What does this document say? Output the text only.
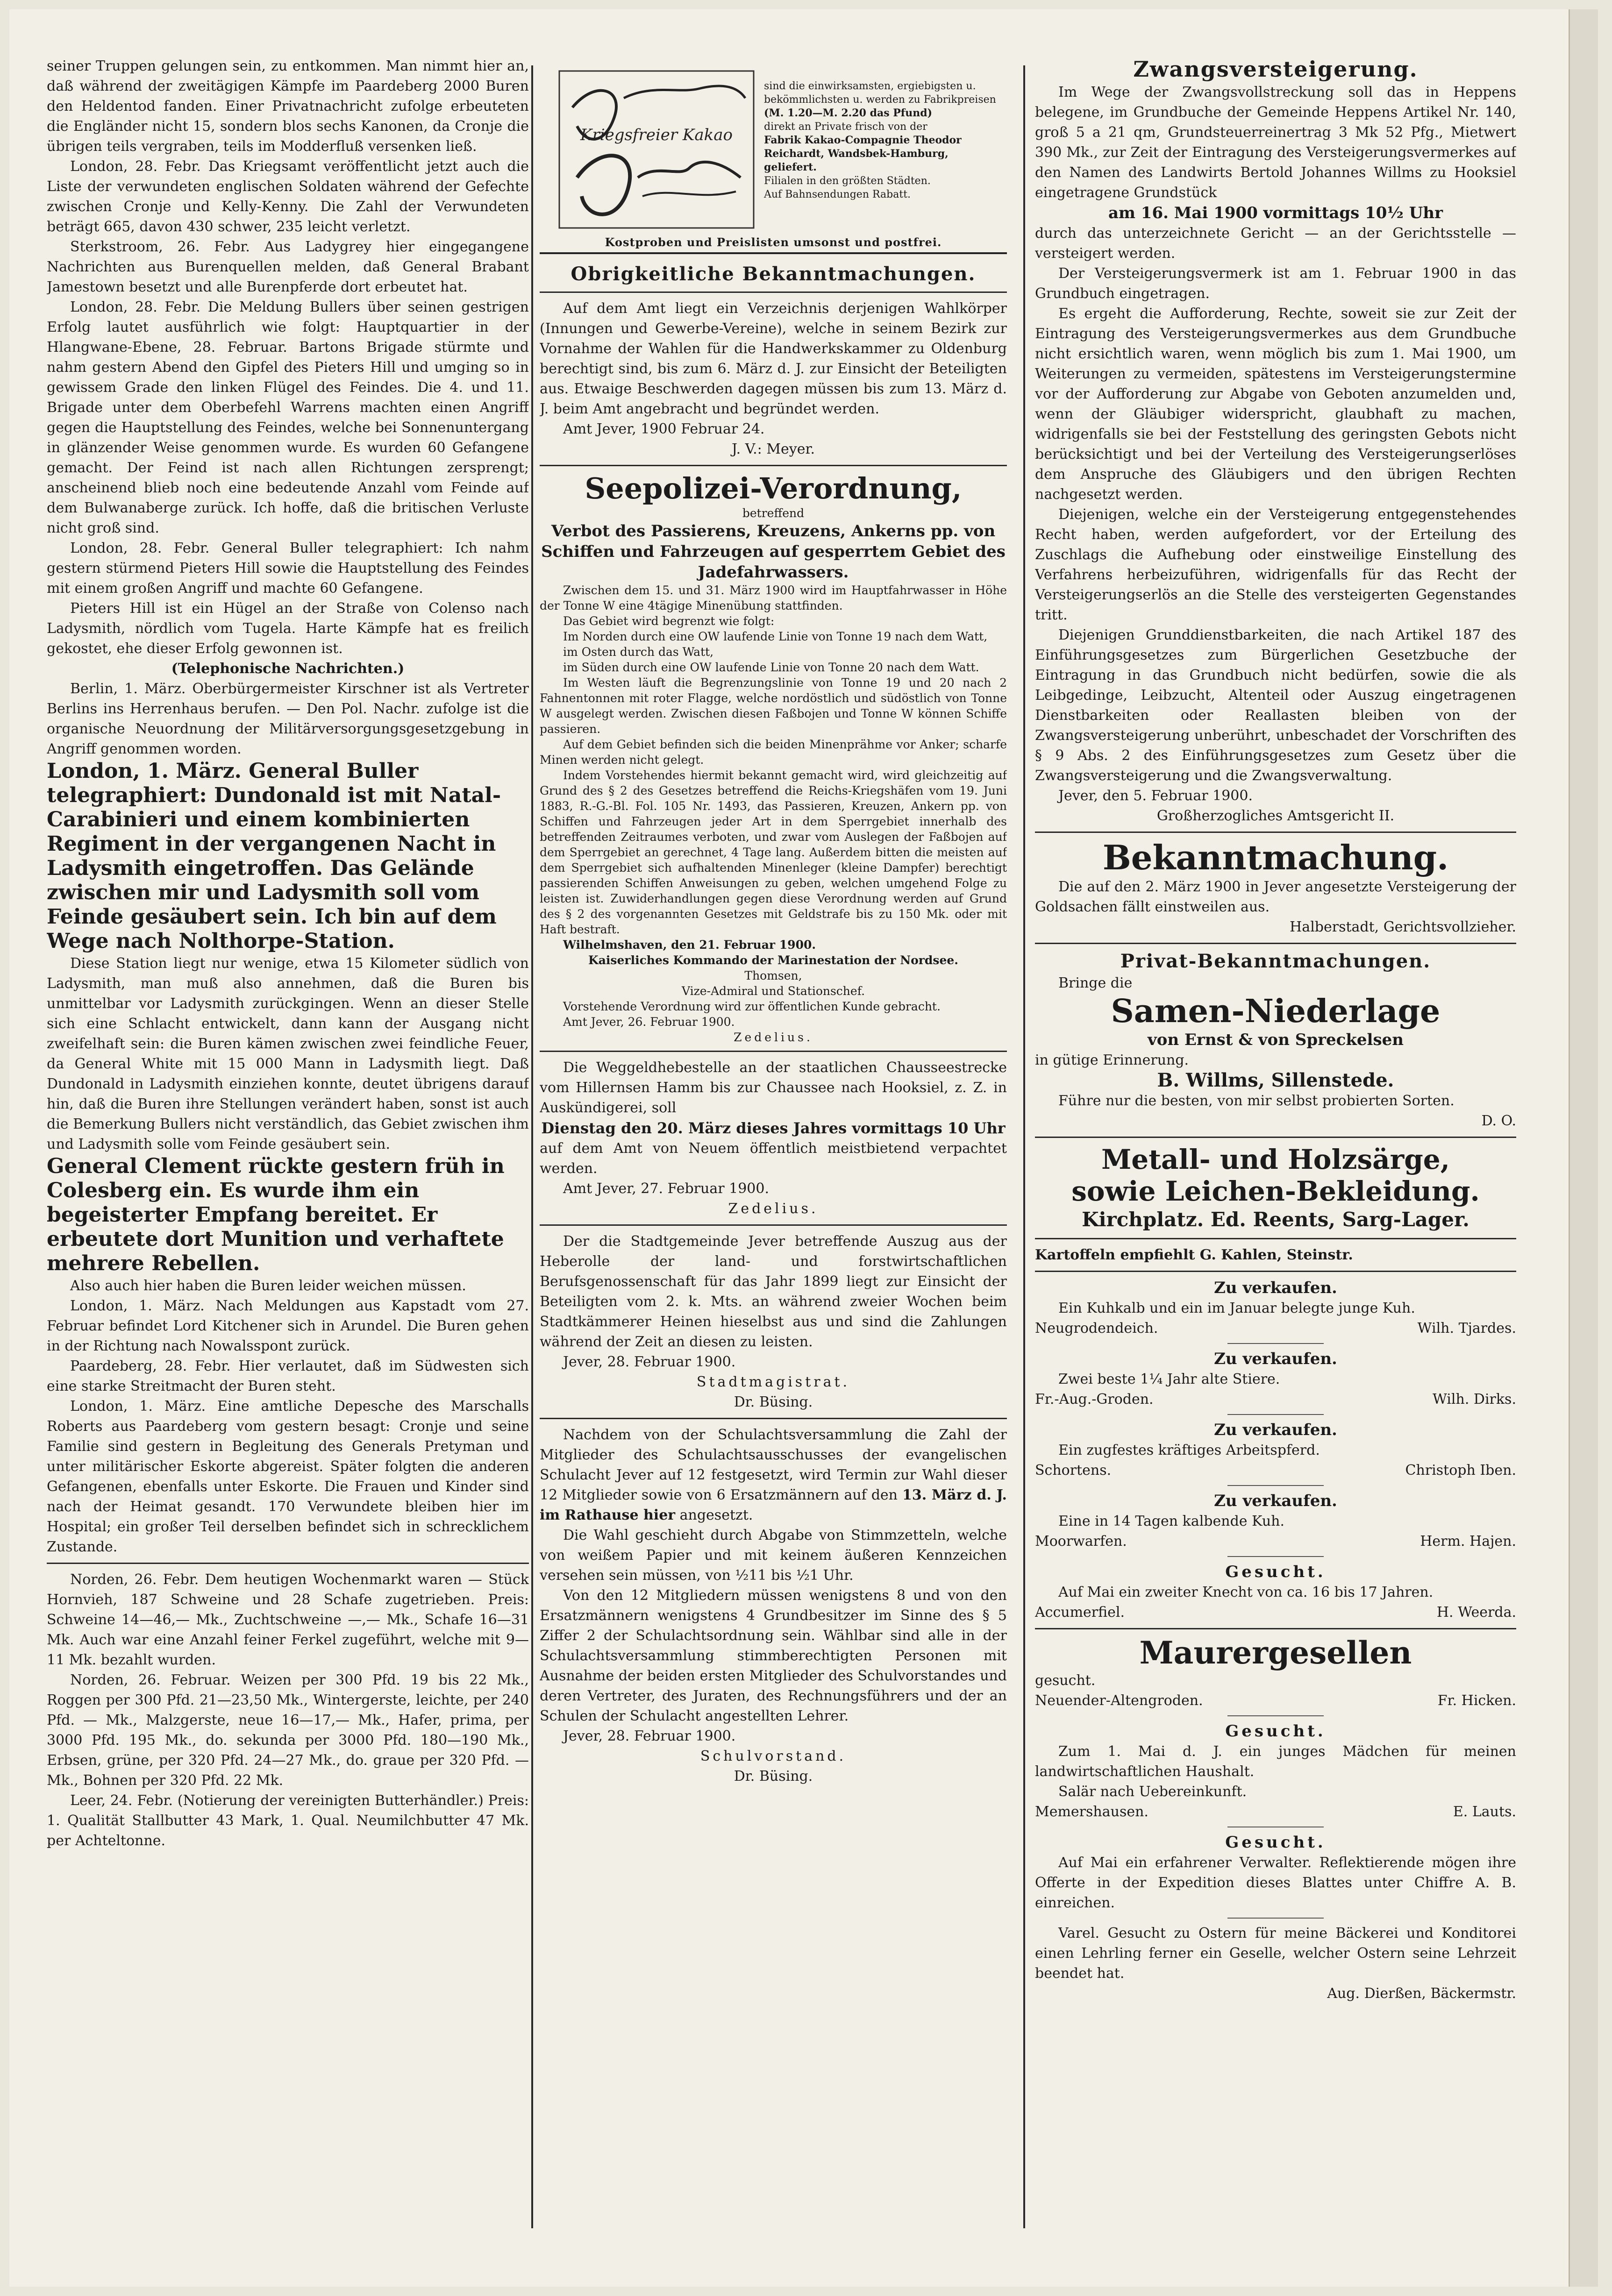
seiner Truppen gelungen sein, zu entkommen. Man nimmt hier an, daß während der zweitägigen Kämpfe im Paardeberg 2000 Buren den Heldentod fanden. Einer Privatnachricht zufolge erbeuteten die Engländer nicht 15, sondern blos sechs Kanonen, da Cronje die übrigen teils vergraben, teils im Modderfluß versenken ließ.

London, 28. Febr. Das Kriegsamt veröffentlicht jetzt auch die Liste der verwundeten englischen Soldaten während der Gefechte zwischen Cronje und Kelly-Kenny. Die Zahl der Verwundeten beträgt 665, davon 430 schwer, 235 leicht verletzt.

Sterkstroom, 26. Febr. Aus Ladygrey hier eingegangene Nachrichten aus Burenquellen melden, daß General Brabant Jamestown besetzt und alle Burenpferde dort erbeutet hat.

London, 28. Febr. Die Meldung Bullers über seinen gestrigen Erfolg lautet ausführlich wie folgt: Hauptquartier in der Hlangwane-Ebene, 28. Februar. Bartons Brigade stürmte und nahm gestern Abend den Gipfel des Pieters Hill und umging so in gewissem Grade den linken Flügel des Feindes. Die 4. und 11. Brigade unter dem Oberbefehl Warrens machten einen Angriff gegen die Hauptstellung des Feindes, welche bei Sonnenuntergang in glänzender Weise genommen wurde. Es wurden 60 Gefangene gemacht. Der Feind ist nach allen Richtungen zersprengt; anscheinend blieb noch eine bedeutende Anzahl vom Feinde auf dem Bulwanaberge zurück. Ich hoffe, daß die britischen Verluste nicht groß sind.

London, 28. Febr. General Buller telegraphiert: Ich nahm gestern stürmend Pieters Hill sowie die Hauptstellung des Feindes mit einem großen Angriff und machte 60 Gefangene.

Pieters Hill ist ein Hügel an der Straße von Colenso nach Ladysmith, nördlich vom Tugela. Harte Kämpfe hat es freilich gekostet, ehe dieser Erfolg gewonnen ist.

(Telephonische Nachrichten.)

Berlin, 1. März. Oberbürgermeister Kirschner ist als Vertreter Berlins ins Herrenhaus berufen. — Den Pol. Nachr. zufolge ist die organische Neuordnung der Militärversorgungsgesetzgebung in Angriff genommen worden.

London, 1. März. General Buller telegraphiert: Dundonald ist mit Natal-Carabinieri und einem kombinierten Regiment in der vergangenen Nacht in Ladysmith eingetroffen. Das Gelände zwischen mir und Ladysmith soll vom Feinde gesäubert sein. Ich bin auf dem Wege nach Nolthorpe-Station.

Diese Station liegt nur wenige, etwa 15 Kilometer südlich von Ladysmith, man muß also annehmen, daß die Buren bis unmittelbar vor Ladysmith zurückgingen. Wenn an dieser Stelle sich eine Schlacht entwickelt, dann kann der Ausgang nicht zweifelhaft sein: die Buren kämen zwischen zwei feindliche Feuer, da General White mit 15 000 Mann in Ladysmith liegt. Daß Dundonald in Ladysmith einziehen konnte, deutet übrigens darauf hin, daß die Buren ihre Stellungen verändert haben, sonst ist auch die Bemerkung Bullers nicht verständlich, das Gebiet zwischen ihm und Ladysmith solle vom Feinde gesäubert sein.

General Clement rückte gestern früh in Colesberg ein. Es wurde ihm ein begeisterter Empfang bereitet. Er erbeutete dort Munition und verhaftete mehrere Rebellen.

Also auch hier haben die Buren leider weichen müssen.

London, 1. März. Nach Meldungen aus Kapstadt vom 27. Februar befindet Lord Kitchener sich in Arundel. Die Buren gehen in der Richtung nach Nowalsspont zurück.

Paardeberg, 28. Febr. Hier verlautet, daß im Südwesten sich eine starke Streitmacht der Buren steht.

London, 1. März. Eine amtliche Depesche des Marschalls Roberts aus Paardeberg vom gestern besagt: Cronje und seine Familie sind gestern in Begleitung des Generals Pretyman und unter militärischer Eskorte abgereist. Später folgten die anderen Gefangenen, ebenfalls unter Eskorte. Die Frauen und Kinder sind nach der Heimat gesandt. 170 Verwundete bleiben hier im Hospital; ein großer Teil derselben befindet sich in schrecklichem Zustande.

Norden, 26. Febr. Dem heutigen Wochenmarkt waren — Stück Hornvieh, 187 Schweine und 28 Schafe zugetrieben. Preis: Schweine 14—46,— Mk., Zuchtschweine —,— Mk., Schafe 16—31 Mk. Auch war eine Anzahl feiner Ferkel zugeführt, welche mit 9—11 Mk. bezahlt wurden.

Norden, 26. Februar. Weizen per 300 Pfd. 19 bis 22 Mk., Roggen per 300 Pfd. 21—23,50 Mk., Wintergerste, leichte, per 240 Pfd. — Mk., Malzgerste, neue 16—17,— Mk., Hafer, prima, per 3000 Pfd. 195 Mk., do. sekunda per 3000 Pfd. 180—190 Mk., Erbsen, grüne, per 320 Pfd. 24—27 Mk., do. graue per 320 Pfd. — Mk., Bohnen per 320 Pfd. 22 Mk.

Leer, 24. Febr. (Notierung der vereinigten Butterhändler.) Preis: 1. Qualität Stallbutter 43 Mark, 1. Qual. Neumilchbutter 47 Mk. per Achteltonne.

Kriegsfreier Kakao

sind die einwirksamsten, ergiebigsten u. bekömmlichsten u. werden zu Fabrikpreisen

(M. 1.20—M. 2.20 das Pfund)

direkt an Private frisch von der

Fabrik Kakao-Compagnie Theodor Reichardt, Wandsbek-Hamburg, geliefert.

Filialen in den größten Städten.

Auf Bahnsendungen Rabatt.

Kostproben und Preislisten umsonst und postfrei.

Obrigkeitliche Bekanntmachungen.

Auf dem Amt liegt ein Verzeichnis derjenigen Wahlkörper (Innungen und Gewerbe-Vereine), welche in seinem Bezirk zur Vornahme der Wahlen für die Handwerkskammer zu Oldenburg berechtigt sind, bis zum 6. März d. J. zur Einsicht der Beteiligten aus. Etwaige Beschwerden dagegen müssen bis zum 13. März d. J. beim Amt angebracht und begründet werden.

Amt Jever, 1900 Februar 24.

J. V.: Meyer.

Seepolizei-Verordnung,

betreffend

Verbot des Passierens, Kreuzens, Ankerns pp. von Schiffen und Fahrzeugen auf gesperrtem Gebiet des Jadefahrwassers.

Zwischen dem 15. und 31. März 1900 wird im Hauptfahrwasser in Höhe der Tonne W eine 4tägige Minenübung stattfinden.

Das Gebiet wird begrenzt wie folgt:

Im Norden durch eine OW laufende Linie von Tonne 19 nach dem Watt,

im Osten durch das Watt,

im Süden durch eine OW laufende Linie von Tonne 20 nach dem Watt.

Im Westen läuft die Begrenzungslinie von Tonne 19 und 20 nach 2 Fahnentonnen mit roter Flagge, welche nordöstlich und südöstlich von Tonne W ausgelegt werden. Zwischen diesen Faßbojen und Tonne W können Schiffe passieren.

Auf dem Gebiet befinden sich die beiden Minenprähme vor Anker; scharfe Minen werden nicht gelegt.

Indem Vorstehendes hiermit bekannt gemacht wird, wird gleichzeitig auf Grund des § 2 des Gesetzes betreffend die Reichs-Kriegshäfen vom 19. Juni 1883, R.-G.-Bl. Fol. 105 Nr. 1493, das Passieren, Kreuzen, Ankern pp. von Schiffen und Fahrzeugen jeder Art in dem Sperrgebiet innerhalb des betreffenden Zeitraumes verboten, und zwar vom Auslegen der Faßbojen auf dem Sperrgebiet an gerechnet, 4 Tage lang. Außerdem bitten die meisten auf dem Sperrgebiet sich aufhaltenden Minenleger (kleine Dampfer) berechtigt passierenden Schiffen Anweisungen zu geben, welchen umgehend Folge zu leisten ist. Zuwiderhandlungen gegen diese Verordnung werden auf Grund des § 2 des vorgenannten Gesetzes mit Geldstrafe bis zu 150 Mk. oder mit Haft bestraft.

Wilhelmshaven, den 21. Februar 1900.

Kaiserliches Kommando der Marinestation der Nordsee.

Thomsen,

Vize-Admiral und Stationschef.

Vorstehende Verordnung wird zur öffentlichen Kunde gebracht.

Amt Jever, 26. Februar 1900.

Zedelius.

Die Weggeldhebestelle an der staatlichen Chausseestrecke vom Hillernsen Hamm bis zur Chaussee nach Hooksiel, z. Z. in Auskündigerei, soll

Dienstag den 20. März dieses Jahres vormittags 10 Uhr

auf dem Amt von Neuem öffentlich meistbietend verpachtet werden.

Amt Jever, 27. Februar 1900.

Zedelius.

Der die Stadtgemeinde Jever betreffende Auszug aus der Heberolle der land- und forstwirtschaftlichen Berufsgenossenschaft für das Jahr 1899 liegt zur Einsicht der Beteiligten vom 2. k. Mts. an während zweier Wochen beim Stadtkämmerer Heinen hieselbst aus und sind die Zahlungen während der Zeit an diesen zu leisten.

Jever, 28. Februar 1900.

Stadtmagistrat.

Dr. Büsing.

Nachdem von der Schulachtsversammlung die Zahl der Mitglieder des Schulachtsausschusses der evangelischen Schulacht Jever auf 12 festgesetzt, wird Termin zur Wahl dieser 12 Mitglieder sowie von 6 Ersatzmännern auf den 13. März d. J. im Rathause hier angesetzt.

Die Wahl geschieht durch Abgabe von Stimmzetteln, welche von weißem Papier und mit keinem äußeren Kennzeichen versehen sein müssen, von ½11 bis ½1 Uhr.

Von den 12 Mitgliedern müssen wenigstens 8 und von den Ersatzmännern wenigstens 4 Grundbesitzer im Sinne des § 5 Ziffer 2 der Schulachtsordnung sein. Wählbar sind alle in der Schulachtsversammlung stimmberechtigten Personen mit Ausnahme der beiden ersten Mitglieder des Schulvorstandes und deren Vertreter, des Juraten, des Rechnungsführers und der an Schulen der Schulacht angestellten Lehrer.

Jever, 28. Februar 1900.

Schulvorstand.

Dr. Büsing.

Zwangsversteigerung.

Im Wege der Zwangsvollstreckung soll das in Heppens belegene, im Grundbuche der Gemeinde Heppens Artikel Nr. 140, groß 5 a 21 qm, Grundsteuerreinertrag 3 Mk 52 Pfg., Mietwert 390 Mk., zur Zeit der Eintragung des Versteigerungsvermerkes auf den Namen des Landwirts Bertold Johannes Willms zu Hooksiel eingetragene Grundstück

am 16. Mai 1900 vormittags 10½ Uhr

durch das unterzeichnete Gericht — an der Gerichtsstelle — versteigert werden.

Der Versteigerungsvermerk ist am 1. Februar 1900 in das Grundbuch eingetragen.

Es ergeht die Aufforderung, Rechte, soweit sie zur Zeit der Eintragung des Versteigerungsvermerkes aus dem Grundbuche nicht ersichtlich waren, wenn möglich bis zum 1. Mai 1900, um Weiterungen zu vermeiden, spätestens im Versteigerungstermine vor der Aufforderung zur Abgabe von Geboten anzumelden und, wenn der Gläubiger widerspricht, glaubhaft zu machen, widrigenfalls sie bei der Feststellung des geringsten Gebots nicht berücksichtigt und bei der Verteilung des Versteigerungserlöses dem Anspruche des Gläubigers und den übrigen Rechten nachgesetzt werden.

Diejenigen, welche ein der Versteigerung entgegenstehendes Recht haben, werden aufgefordert, vor der Erteilung des Zuschlags die Aufhebung oder einstweilige Einstellung des Verfahrens herbeizuführen, widrigenfalls für das Recht der Versteigerungserlös an die Stelle des versteigerten Gegenstandes tritt.

Diejenigen Grunddienstbarkeiten, die nach Artikel 187 des Einführungsgesetzes zum Bürgerlichen Gesetzbuche der Eintragung in das Grundbuch nicht bedürfen, sowie die als Leibgedinge, Leibzucht, Altenteil oder Auszug eingetragenen Dienstbarkeiten oder Reallasten bleiben von der Zwangsversteigerung unberührt, unbeschadet der Vorschriften des § 9 Abs. 2 des Einführungsgesetzes zum Gesetz über die Zwangsversteigerung und die Zwangsverwaltung.

Jever, den 5. Februar 1900.

Großherzogliches Amtsgericht II.

Bekanntmachung.

Die auf den 2. März 1900 in Jever angesetzte Versteigerung der Goldsachen fällt einstweilen aus.

Halberstadt, Gerichtsvollzieher.

Privat-Bekanntmachungen.

Bringe die

Samen-Niederlage

von Ernst & von Spreckelsen

in gütige Erinnerung.

B. Willms, Sillenstede.

Führe nur die besten, von mir selbst probierten Sorten.

D. O.

Metall- und Holzsärge,

sowie Leichen-Bekleidung.

Kirchplatz. Ed. Reents, Sarg-Lager.

Kartoffeln empfiehlt G. Kahlen, Steinstr.

Zu verkaufen.

Ein Kuhkalb und ein im Januar belegte junge Kuh.

Neugrodendeich.	Wilh. Tjardes.

Zu verkaufen.

Zwei beste 1¼ Jahr alte Stiere.

Fr.-Aug.-Groden.	Wilh. Dirks.

Zu verkaufen.

Ein zugfestes kräftiges Arbeitspferd.

Schortens.	Christoph Iben.

Zu verkaufen.

Eine in 14 Tagen kalbende Kuh.

Moorwarfen.	Herm. Hajen.

Gesucht.

Auf Mai ein zweiter Knecht von ca. 16 bis 17 Jahren.

Accumerfiel.	H. Weerda.

Maurergesellen

gesucht.

Neuender-Altengroden.	Fr. Hicken.

Gesucht.

Zum 1. Mai d. J. ein junges Mädchen für meinen landwirtschaftlichen Haushalt.

Salär nach Uebereinkunft.

Memershausen.	E. Lauts.

Gesucht.

Auf Mai ein erfahrener Verwalter. Reflektierende mögen ihre Offerte in der Expedition dieses Blattes unter Chiffre A. B. einreichen.

Varel. Gesucht zu Ostern für meine Bäckerei und Konditorei einen Lehrling ferner ein Geselle, welcher Ostern seine Lehrzeit beendet hat.

Aug. Dierßen, Bäckermstr.
